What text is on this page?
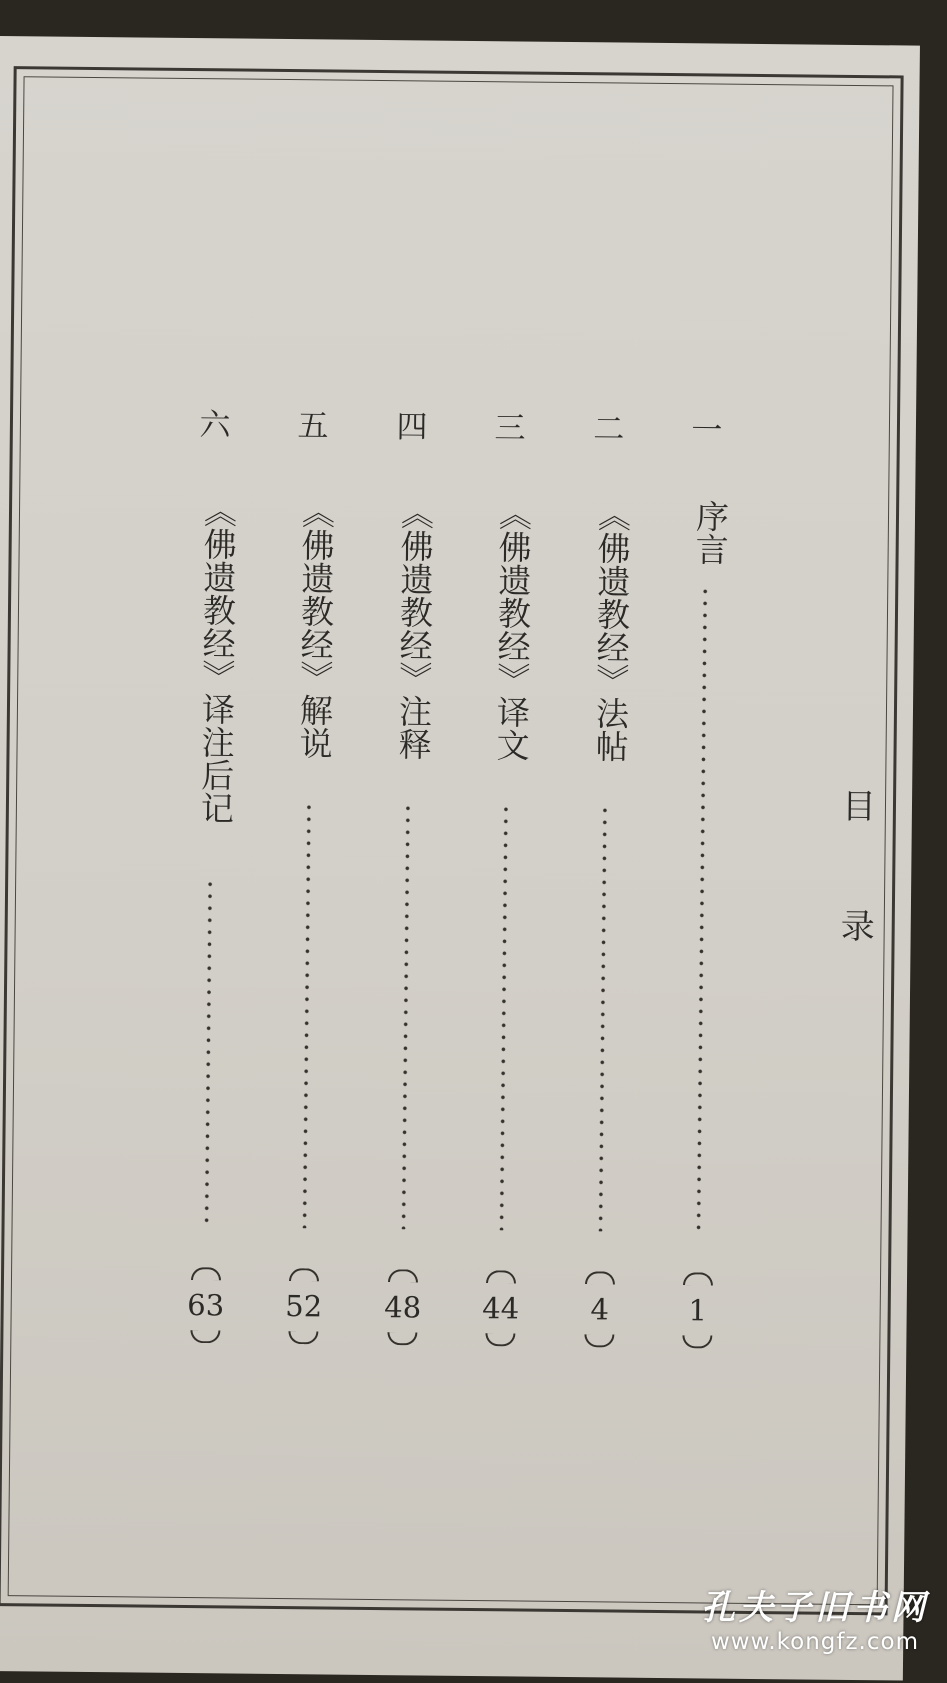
目
录
一
序言
1
二
《佛遗教经》法帖
4
三
《佛遗教经》译文
44
四
《佛遗教经》注释
48
五
《佛遗教经》解说
52
六
《佛遗教经》译注后记
63
孔夫子旧书网
www.kongfz.com
